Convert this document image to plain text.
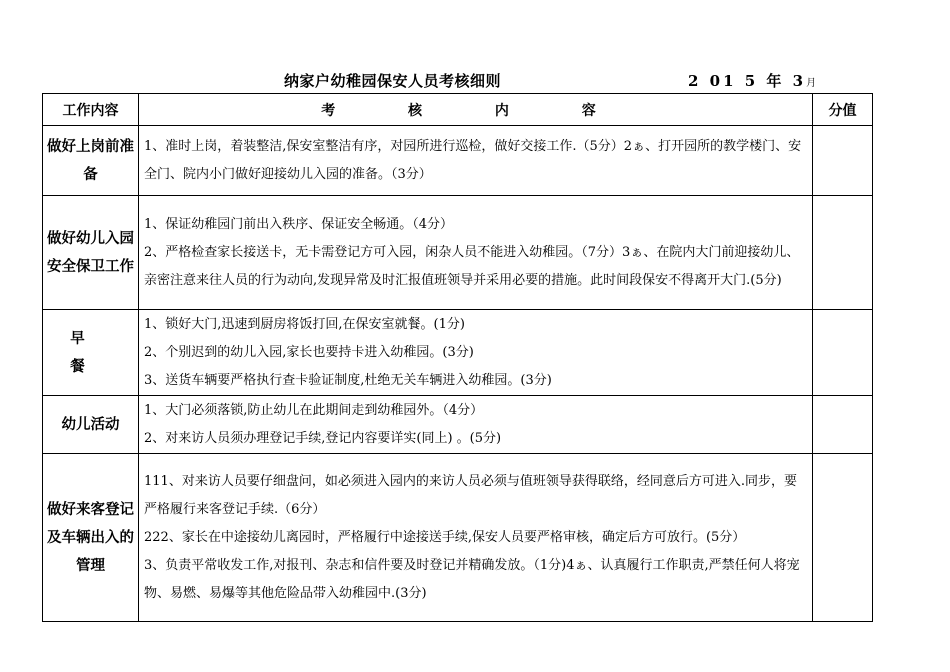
纳家户幼稚园保安人员考核细则	2 01 5 年 3月
工作内容	考 核 内 容	分值
做好上岗前准备	1、准时上岗，着装整洁,保安室整洁有序，对园所进行巡检，做好交接工作.（5分）2ぁ、打开园所的教学楼门、安全门、院内小门做好迎接幼儿入园的准备。（3分）	

做好幼儿入园安全保卫工作	1、保证幼稚园门前出入秩序、保证安全畅通。（4分）

2、严格检查家长接送卡，无卡需登记方可入园，闲杂人员不能进入幼稚园。（7分）3ぁ、在院内大门前迎接幼儿、亲密注意来往人员的行为动向,发现异常及时汇报值班领导并采用必要的措施。此时间段保安不得离开大门.(5分)	

早 餐	1、锁好大门,迅速到厨房将饭打回,在保安室就餐。(1分)

2、个别迟到的幼儿入园,家长也要持卡进入幼稚园。(3分)

3、送货车辆要严格执行查卡验证制度,杜绝无关车辆进入幼稚园。(3分)	

幼儿活动	1、大门必须落锁,防止幼儿在此期间走到幼稚园外。（4分）

2、对来访人员须办理登记手续,登记内容要详实(同上) 。(5分)	

做好来客登记及车辆出入的管理	111、对来访人员要仔细盘问，如必须进入园内的来访人员必须与值班领导获得联络，经同意后方可进入.同步，要严格履行来客登记手续.（6分）

222、家长在中途接幼儿离园时，严格履行中途接送手续,保安人员要严格审核，确定后方可放行。(5分）

3、负责平常收发工作,对报刊、杂志和信件要及时登记并精确发放。（1分)4ぁ、认真履行工作职责,严禁任何人将宠物、易燃、易爆等其他危险品带入幼稚园中.(3分)	
